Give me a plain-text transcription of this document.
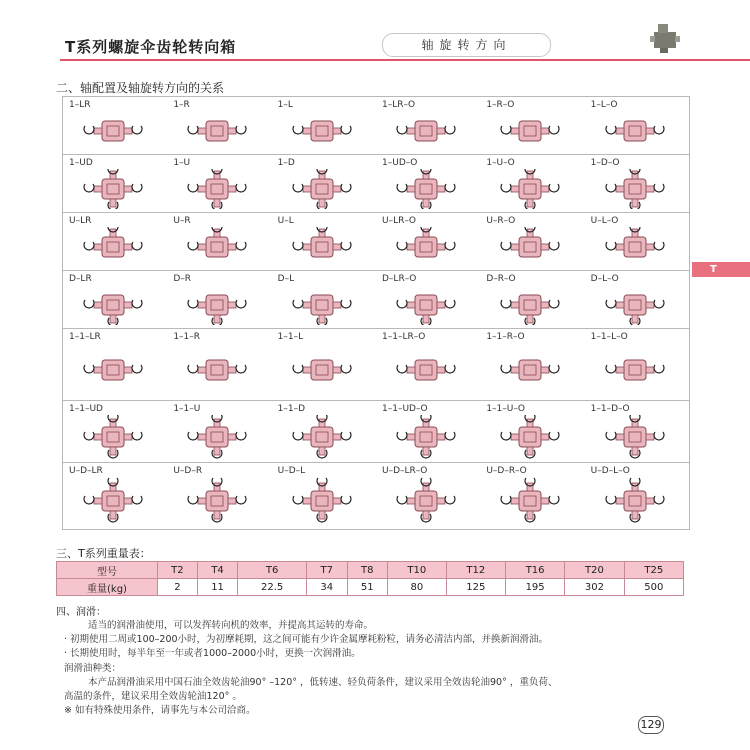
T系列螺旋伞齿轮转向箱	轴旋转方向
二、轴配置及轴旋转方向的关系
1–LR	1–R	1–L	1–LR–O	1–R–O	1–L–O
1–UD	1–U	1–D	1–UD–O	1–U–O	1–D–O
U–LR	U–R	U–L	U–LR–O	U–R–O	U–L–O
D–LR	D–R	D–L	D–LR–O	D–R–O	D–L–O
1–1–LR	1–1–R	1–1–L	1–1–LR–O	1–1–R–O	1–1–L–O
1–1–UD	1–1–U	1–1–D	1–1–UD–O	1–1–U–O	1–1–D–O
U–D–LR	U–D–R	U–D–L	U–D–LR–O	U–D–R–O	U–D–L–O
T
三、T系列重量表：
型号	T2	T4	T6	T7	T8	T10	T12	T16	T20	T25
重量(kg)	2	11	22.5	34	51	80	125	195	302	500
四、润滑：
适当的润滑油使用，可以发挥转向机的效率，并提高其运转的寿命。
· 初期使用二周或100–200小时，为初摩耗期，这之间可能有少许金属摩耗粉粒，请务必清洁内部，并换新润滑油。
· 长期使用时，每半年至一年或者1000–2000小时，更换一次润滑油。
润滑油种类：
本产品润滑油采用中国石油全效齿轮油90° –120° ，低转速、轻负荷条件，建议采用全效齿轮油90° ，重负荷、
高温的条件，建议采用全效齿轮油120° 。
※ 如有特殊使用条件，请事先与本公司洽商。
129
